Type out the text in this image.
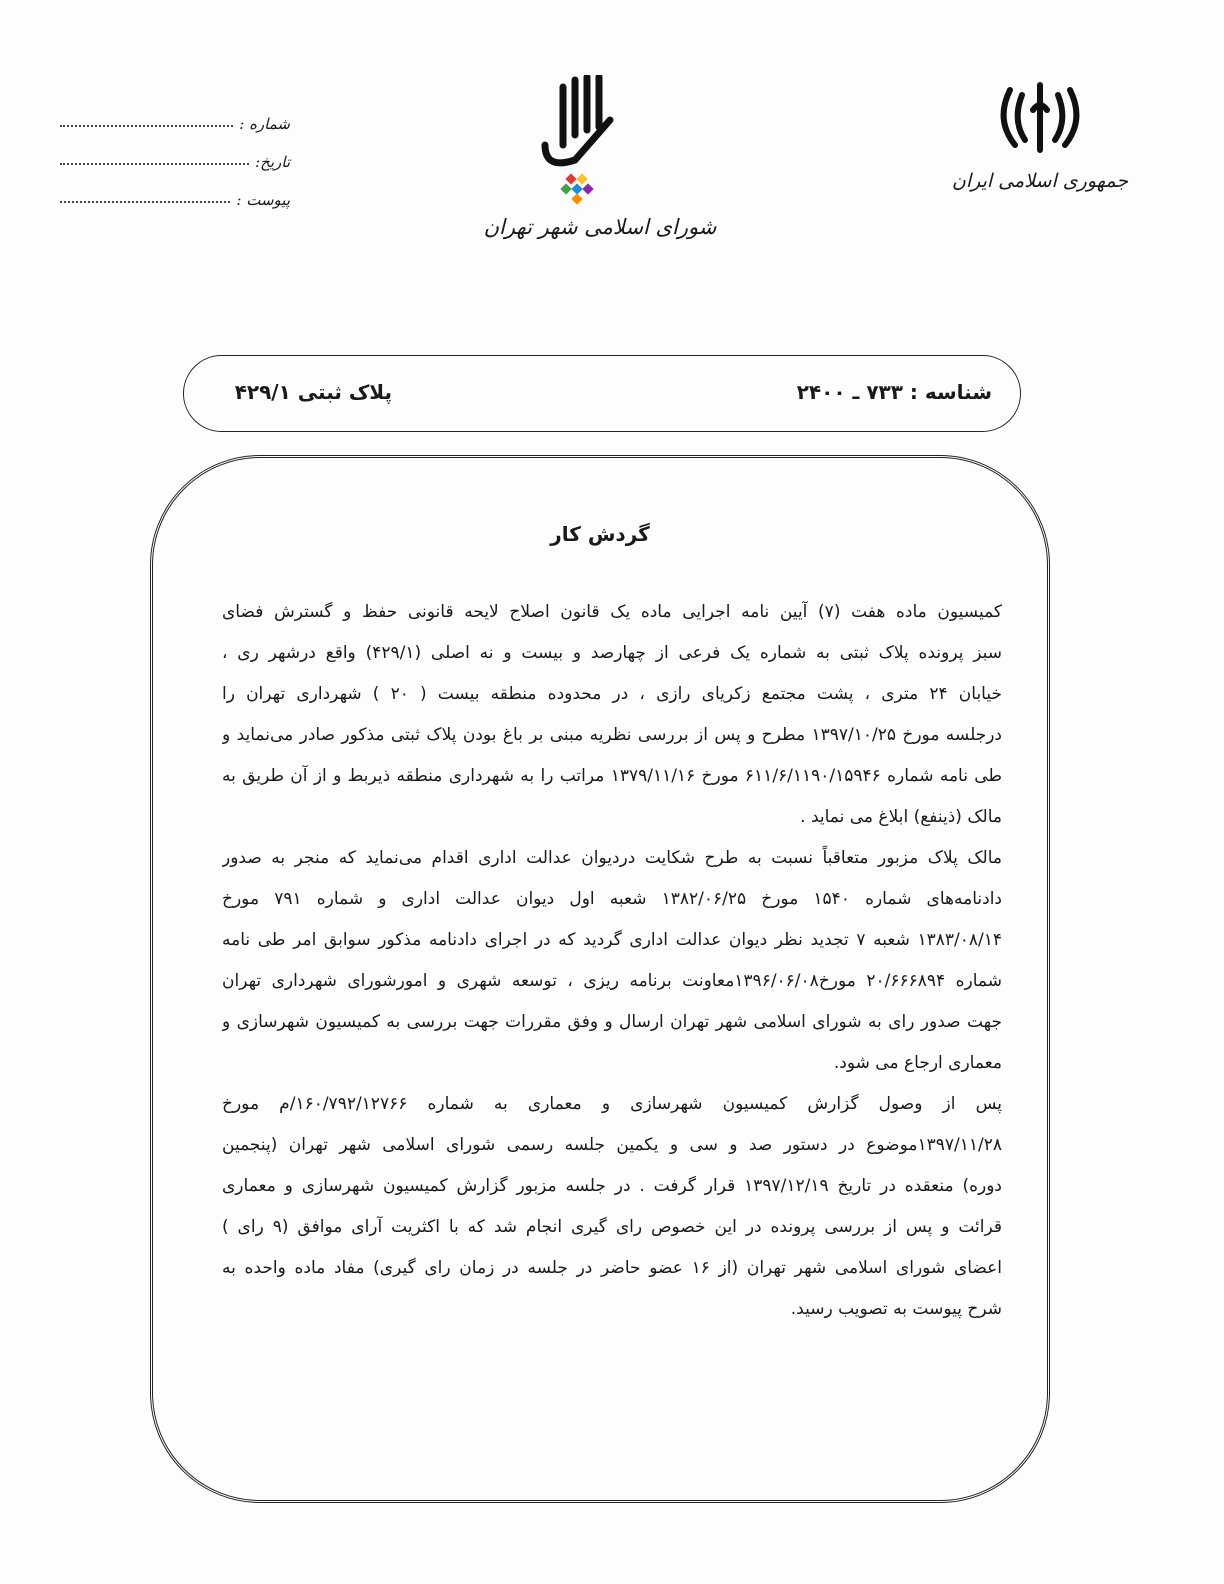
شماره :
تاریخ:
پیوست :
شورای اسلامی شهر تهران
جمهوری اسلامی ایران
شناسه : ۷۳۳ ـ ۲۴۰۰
پلاک ثبتی ۴۲۹/۱
گردش کار
کمیسیون ماده هفت (۷) آیین نامه اجرایی ماده یک قانون اصلاح لایحه قانونی حفظ و گسترش فضای
سبز پرونده پلاک ثبتی به شماره یک فرعی از چهارصد و بیست و نه اصلی (۴۲۹/۱) واقع درشهر ری ،
خیابان ۲۴ متری ، پشت مجتمع زکریای رازی ، در محدوده منطقه بیست ( ۲۰ ) شهرداری تهران را
درجلسه مورخ ۱۳۹۷/۱۰/۲۵ مطرح و پس از بررسی نظریه مبنی بر باغ بودن پلاک ثبتی مذکور صادر می‌نماید و
طی نامه شماره ۶۱۱/۶/۱۱۹۰/۱۵۹۴۶ مورخ ۱۳۷۹/۱۱/۱۶ مراتب را به شهرداری منطقه ذیربط و از آن طریق به
مالک (ذینفع) ابلاغ می نماید .
مالک پلاک مزبور متعاقباً نسبت به طرح شکایت دردیوان عدالت اداری اقدام می‌نماید که منجر به صدور
دادنامه‌های شماره ۱۵۴۰ مورخ ۱۳۸۲/۰۶/۲۵ شعبه اول دیوان عدالت اداری و شماره ۷۹۱ مورخ
۱۳۸۳/۰۸/۱۴ شعبه ۷ تجدید نظر دیوان عدالت اداری گردید که در اجرای دادنامه مذکور سوابق امر طی نامه
شماره ۲۰/۶۶۶۸۹۴ مورخ۱۳۹۶/۰۶/۰۸معاونت برنامه ریزی ، توسعه شهری و امورشورای شهرداری تهران
جهت صدور رای به شورای اسلامی شهر تهران ارسال و وفق مقررات جهت بررسی به کمیسیون شهرسازی و
معماری ارجاع می شود.
پس از وصول گزارش کمیسیون شهرسازی و معماری به شماره ۱۶۰/۷۹۲/۱۲۷۶۶/م مورخ
۱۳۹۷/۱۱/۲۸موضوع در دستور صد و سی و یکمین جلسه رسمی شورای اسلامی شهر تهران (پنجمین
دوره) منعقده در تاریخ ۱۳۹۷/۱۲/۱۹ قرار گرفت . در جلسه مزبور گزارش کمیسیون شهرسازی و معماری
قرائت و پس از بررسی پرونده در این خصوص رای گیری انجام شد که با اکثریت آرای موافق (۹ رای )
اعضای شورای اسلامی شهر تهران (از ۱۶ عضو حاضر در جلسه در زمان رای گیری) مفاد ماده واحده به
شرح پیوست به تصویب رسید.
